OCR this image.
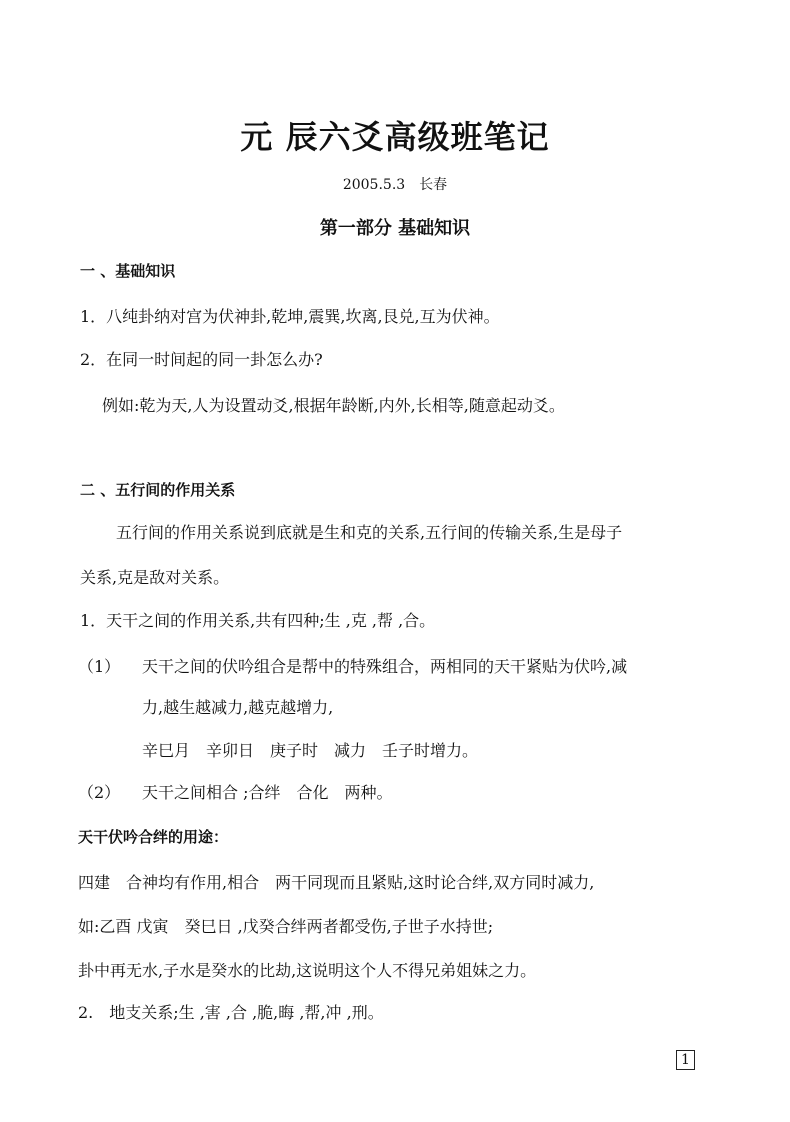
元 辰六爻高级班笔记
2005.5.3　长春
第一部分 基础知识
一 、基础知识
1．八纯卦纳对宫为伏神卦,乾坤,震巽,坎离,艮兑,互为伏神。
2．在同一时间起的同一卦怎么办?
例如:乾为天,人为设置动爻,根据年龄断,内外,长相等,随意起动爻。
二 、五行间的作用关系
五行间的作用关系说到底就是生和克的关系,五行间的传输关系,生是母子
关系,克是敌对关系。
1．天干之间的作用关系,共有四种;生 ,克 ,帮 ,合。
（1） 天干之间的伏吟组合是帮中的特殊组合，两相同的天干紧贴为伏吟,减
力,越生越减力,越克越增力,
辛巳月　辛卯日　庚子时　减力　壬子时增力。
（2） 天干之间相合 ;合绊　合化　两种。
天干伏吟合绊的用途：
四建　合神均有作用,相合　两干同现而且紧贴,这时论合绊,双方同时减力,
如:乙酉 戊寅　癸巳日 ,戊癸合绊两者都受伤,子世子水持世;
卦中再无水,子水是癸水的比劫,这说明这个人不得兄弟姐妹之力。
2.　地支关系;生 ,害 ,合 ,脆,晦 ,帮,冲 ,刑。
1
